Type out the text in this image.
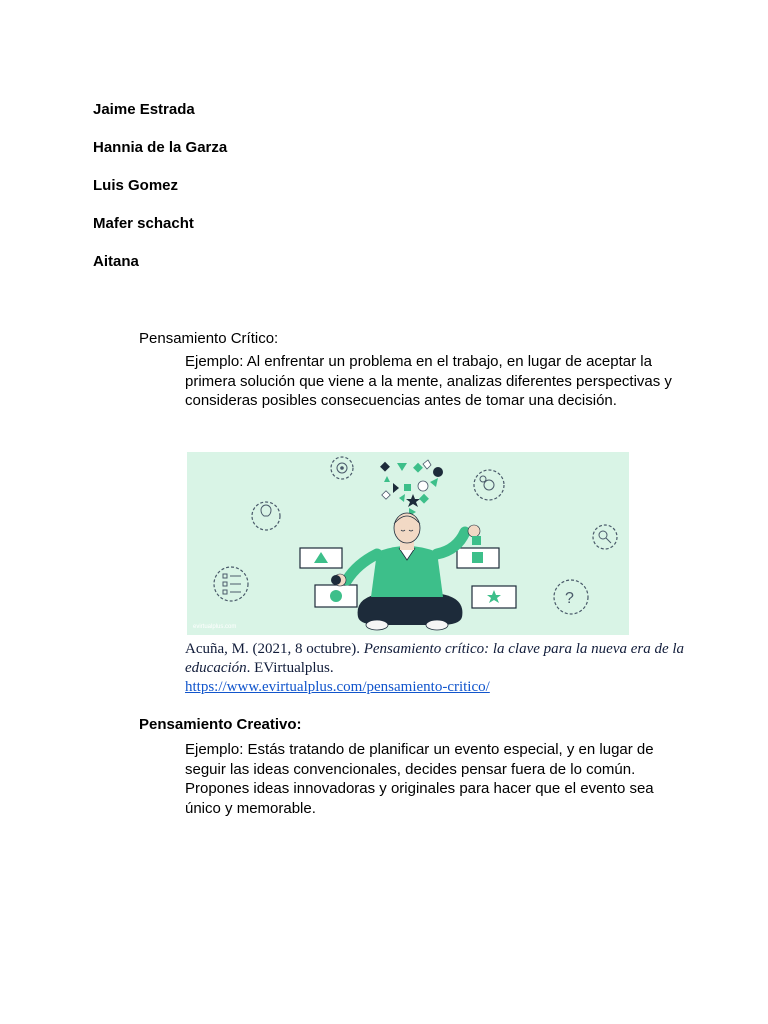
Jaime Estrada

Hannia de la Garza

Luis Gomez

Mafer schacht

Aitana

Pensamiento Crítico:

Ejemplo: Al enfrentar un problema en el trabajo, en lugar de aceptar la primera solución que viene a la mente, analizas diferentes perspectivas y consideras posibles consecuencias antes de tomar una decisión.

evirtualplus.com
?

Acuña, M. (2021, 8 octubre). Pensamiento crítico: la clave para la nueva era de la educación. EVirtualplus.
https://www.evirtualplus.com/pensamiento-critico/

Pensamiento Creativo:

Ejemplo: Estás tratando de planificar un evento especial, y en lugar de seguir las ideas convencionales, decides pensar fuera de lo común. Propones ideas innovadoras y originales para hacer que el evento sea único y memorable.
